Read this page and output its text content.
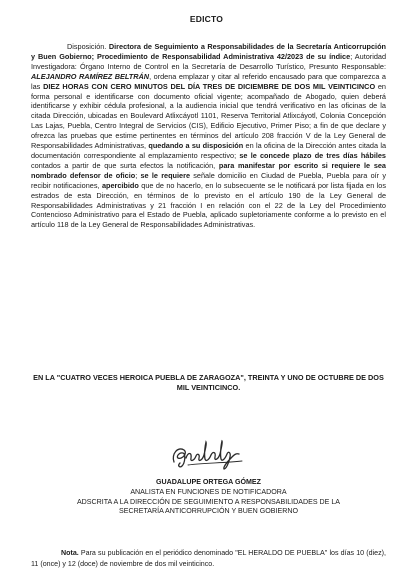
EDICTO

Disposición. Directora de Seguimiento a Responsabilidades de la Secretaría Anticorrupción y Buen Gobierno; Procedimiento de Responsabilidad Administrativa 42/2023 de su índice; Autoridad Investigadora: Órgano Interno de Control en la Secretaría de Desarrollo Turístico, Presunto Responsable: ALEJANDRO RAMÍREZ BELTRÁN, ordena emplazar y citar al referido encausado para que comparezca a las DIEZ HORAS CON CERO MINUTOS DEL DÍA TRES DE DICIEMBRE DE DOS MIL VEINTICINCO en forma personal e identificarse con documento oficial vigente; acompañado de Abogado, quien deberá identificarse y exhibir cédula profesional, a la audiencia inicial que tendrá verificativo en las oficinas de la citada Dirección, ubicadas en Boulevard Atlixcáyotl 1101, Reserva Territorial Atlixcáyotl, Colonia Concepción Las Lajas, Puebla, Centro Integral de Servicios (CIS), Edificio Ejecutivo, Primer Piso; a fin de que declare y ofrezca las pruebas que estime pertinentes en términos del artículo 208 fracción V de la Ley General de Responsabilidades Administrativas, quedando a su disposición en la oficina de la Dirección antes citada la documentación correspondiente al emplazamiento respectivo; se le concede plazo de tres días hábiles contados a partir de que surta efectos la notificación, para manifestar por escrito si requiere le sea nombrado defensor de oficio; se le requiere señale domicilio en Ciudad de Puebla, Puebla para oír y recibir notificaciones, apercibido que de no hacerlo, en lo subsecuente se le notificará por lista fijada en los estrados de esta Dirección, en términos de lo previsto en el artículo 190 de la Ley General de Responsabilidades Administrativas y 21 fracción I en relación con el 22 de la Ley del Procedimiento Contencioso Administrativo para el Estado de Puebla, aplicado supletoriamente conforme a lo previsto en el artículo 118 de la Ley General de Responsabilidades Administrativas.

EN LA "CUATRO VECES HEROICA PUEBLA DE ZARAGOZA", TREINTA Y UNO DE OCTUBRE DE DOS MIL VEINTICINCO.

GUADALUPE ORTEGA GÓMEZ
ANALISTA EN FUNCIONES DE NOTIFICADORA
ADSCRITA A LA DIRECCIÓN DE SEGUIMIENTO A RESPONSABILIDADES DE LA
SECRETARÍA ANTICORRUPCIÓN Y BUEN GOBIERNO

Nota. Para su publicación en el periódico denominado "EL HERALDO DE PUEBLA" los días 10 (diez), 11 (once) y 12 (doce) de noviembre de dos mil veinticinco.
